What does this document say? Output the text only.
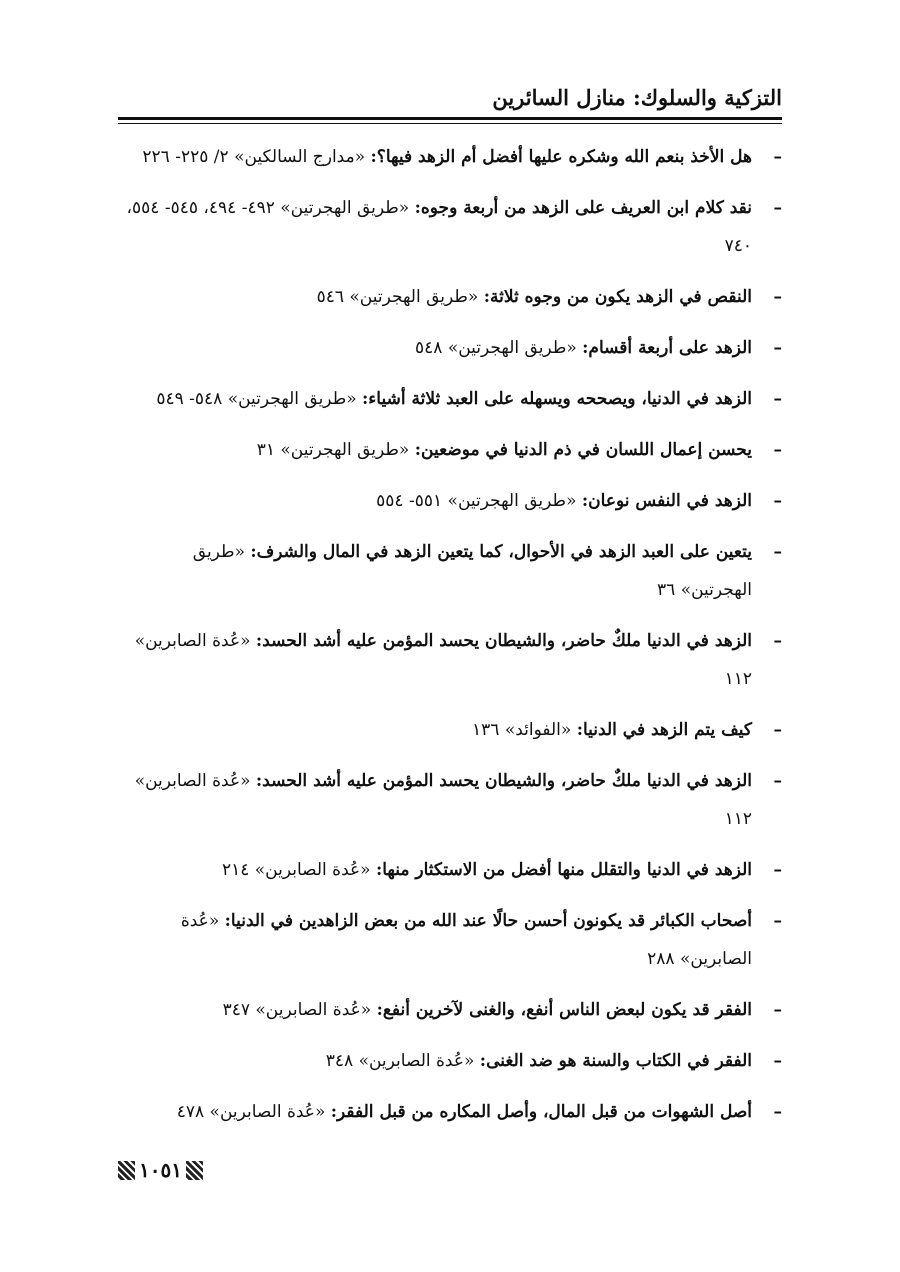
التزكية والسلوك: منازل السائرين
–
هل الأخذ بنعم الله وشكره عليها أفضل أم الزهد فيها؟: «مدارج السالكين» ٢/ ٢٢٥- ٢٢٦
–
نقد كلام ابن العريف على الزهد من أربعة وجوه: «طريق الهجرتين» ٤٩٢- ٤٩٤، ٥٤٥- ٥٥٤، ٧٤٠
–
النقص في الزهد يكون من وجوه ثلاثة: «طريق الهجرتين» ٥٤٦
–
الزهد على أربعة أقسام: «طريق الهجرتين» ٥٤٨
–
الزهد في الدنيا، ويصححه ويسهله على العبد ثلاثة أشياء: «طريق الهجرتين» ٥٤٨- ٥٤٩
–
يحسن إعمال اللسان في ذم الدنيا في موضعين: «طريق الهجرتين» ٣١
–
الزهد في النفس نوعان: «طريق الهجرتين» ٥٥١- ٥٥٤
–
يتعين على العبد الزهد في الأحوال، كما يتعين الزهد في المال والشرف: «طريق الهجرتين» ٣٦
–
الزهد في الدنيا ملكٌ حاضر، والشيطان يحسد المؤمن عليه أشد الحسد: «عُدة الصابرين» ١١٢
–
كيف يتم الزهد في الدنيا: «الفوائد» ١٣٦
–
الزهد في الدنيا ملكٌ حاضر، والشيطان يحسد المؤمن عليه أشد الحسد: «عُدة الصابرين» ١١٢
–
الزهد في الدنيا والتقلل منها أفضل من الاستكثار منها: «عُدة الصابرين» ٢١٤
–
أصحاب الكبائر قد يكونون أحسن حالًا عند الله من بعض الزاهدين في الدنيا: «عُدة الصابرين» ٢٨٨
–
الفقر قد يكون لبعض الناس أنفع، والغنى لآخرين أنفع: «عُدة الصابرين» ٣٤٧
–
الفقر في الكتاب والسنة هو ضد الغنى: «عُدة الصابرين» ٣٤٨
–
أصل الشهوات من قبل المال، وأصل المكاره من قبل الفقر: «عُدة الصابرين» ٤٧٨
١٠٥١
